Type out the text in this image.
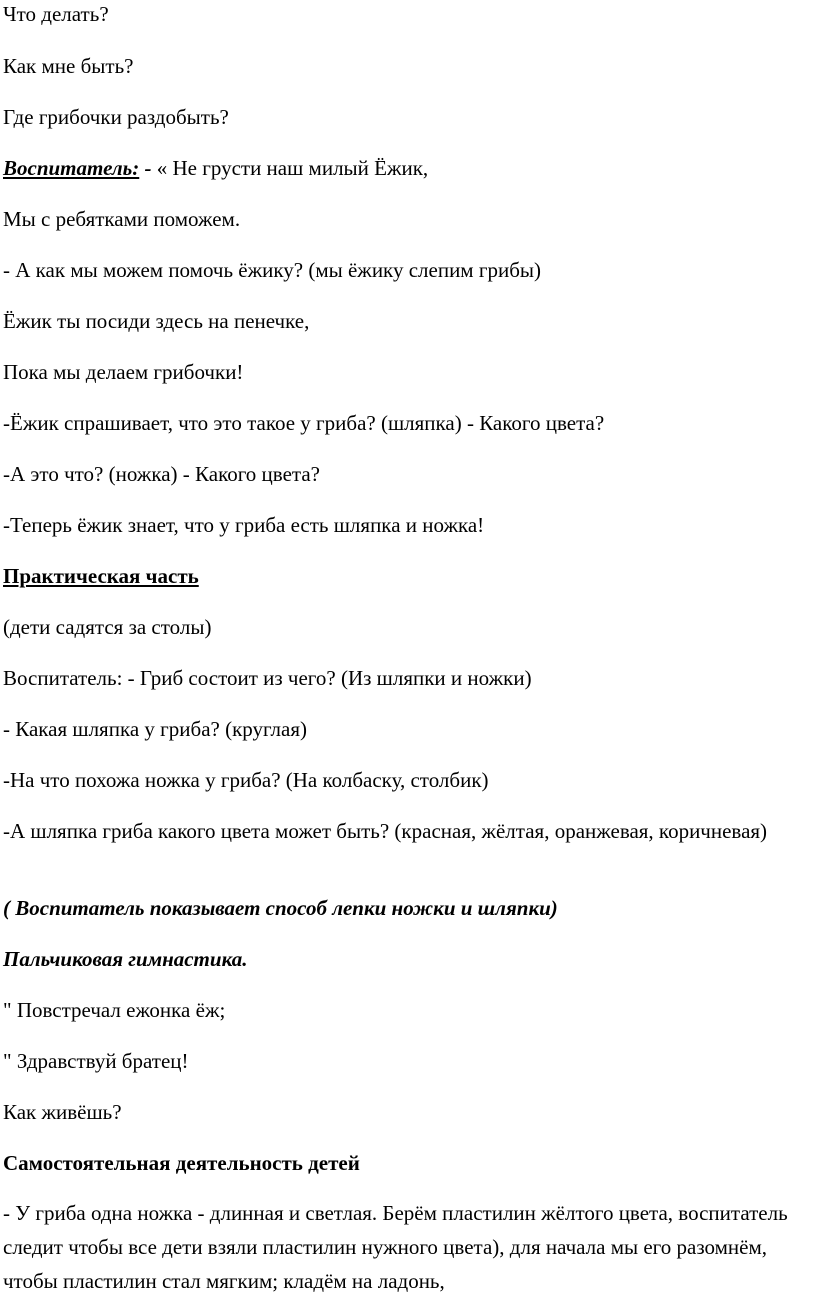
Что делать?
Как мне быть?
Где грибочки раздобыть?
Воспитатель: - « Не грусти наш милый Ёжик,
Мы с ребятками поможем.
- А как мы можем помочь ёжику? (мы ёжику слепим грибы)
Ёжик ты посиди здесь на пенечке,
Пока мы делаем грибочки!
-Ёжик спрашивает, что это такое у гриба? (шляпка) - Какого цвета?
-А это что? (ножка) - Какого цвета?
-Теперь ёжик знает, что у гриба есть шляпка и ножка!
Практическая часть
(дети садятся за столы)
Воспитатель: - Гриб состоит из чего? (Из шляпки и ножки)
- Какая шляпка у гриба? (круглая)
-На что похожа ножка у гриба? (На колбаску, столбик)
-А шляпка гриба какого цвета может быть? (красная, жёлтая, оранжевая, коричневая)
( Воспитатель показывает способ лепки ножки и шляпки)
Пальчиковая гимнастика.
" Повстречал ежонка ёж;
" Здравствуй братец!
Как живёшь?
Самостоятельная деятельность детей
- У гриба одна ножка - длинная и светлая. Берём пластилин жёлтого цвета, воспитатель следит чтобы все дети взяли пластилин нужного цвета), для начала мы его разомнём, чтобы пластилин стал мягким; кладём на ладонь,
